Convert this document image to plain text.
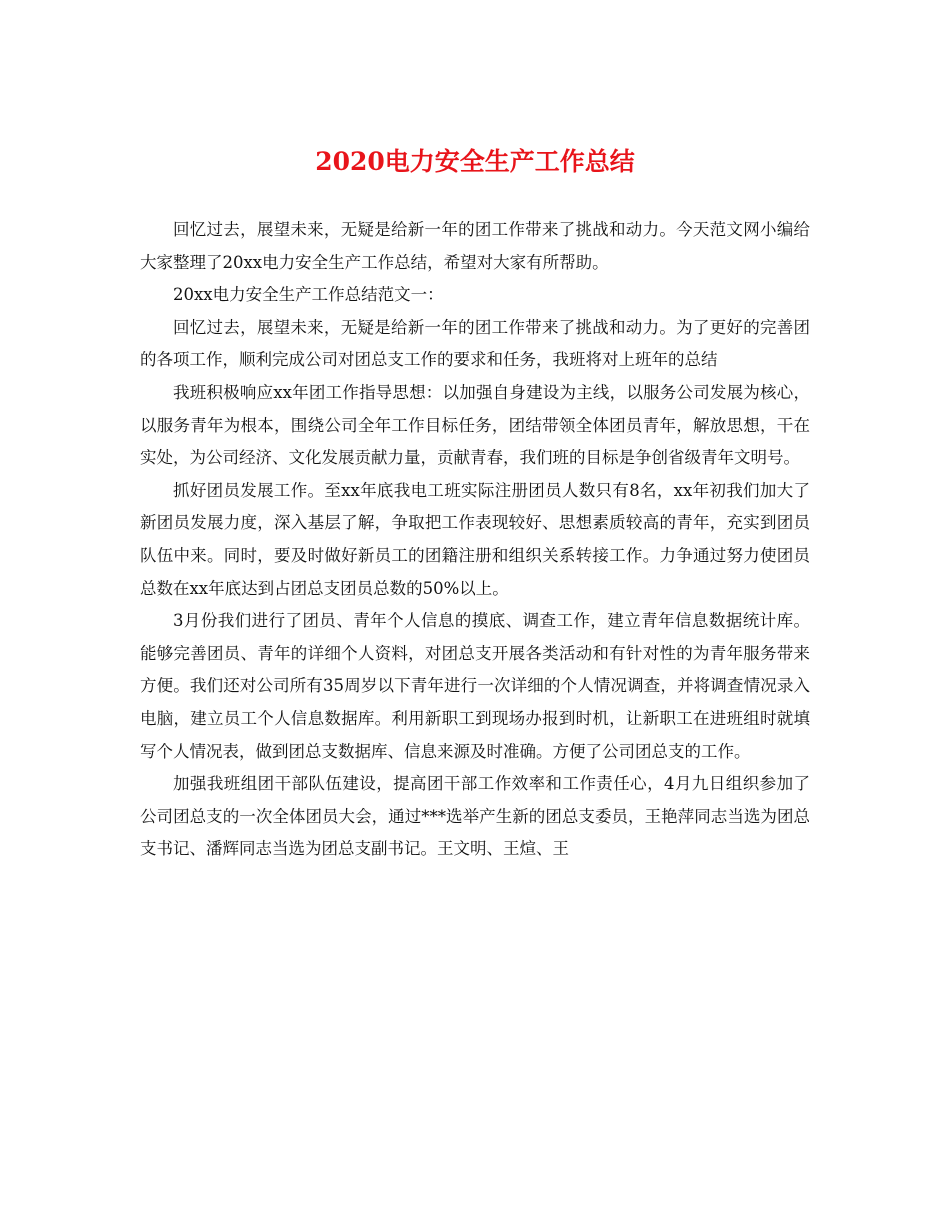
2020电力安全生产工作总结

回忆过去，展望未来，无疑是给新一年的团工作带来了挑战和动力。今天范文网小编给大家整理了20xx电力安全生产工作总结，希望对大家有所帮助。

20xx电力安全生产工作总结范文一：

回忆过去，展望未来，无疑是给新一年的团工作带来了挑战和动力。为了更好的完善团的各项工作，顺利完成公司对团总支工作的要求和任务，我班将对上班年的总结

我班积极响应xx年团工作指导思想：以加强自身建设为主线，以服务公司发展为核心，以服务青年为根本，围绕公司全年工作目标任务，团结带领全体团员青年，解放思想，干在实处，为公司经济、文化发展贡献力量，贡献青春，我们班的目标是争创省级青年文明号。

抓好团员发展工作。至xx年底我电工班实际注册团员人数只有8名，xx年初我们加大了新团员发展力度，深入基层了解，争取把工作表现较好、思想素质较高的青年，充实到团员队伍中来。同时，要及时做好新员工的团籍注册和组织关系转接工作。力争通过努力使团员总数在xx年底达到占团总支团员总数的50%以上。

3月份我们进行了团员、青年个人信息的摸底、调查工作，建立青年信息数据统计库。能够完善团员、青年的详细个人资料，对团总支开展各类活动和有针对性的为青年服务带来方便。我们还对公司所有35周岁以下青年进行一次详细的个人情况调查，并将调查情况录入电脑，建立员工个人信息数据库。利用新职工到现场办报到时机，让新职工在进班组时就填写个人情况表，做到团总支数据库、信息来源及时准确。方便了公司团总支的工作。

加强我班组团干部队伍建设，提高团干部工作效率和工作责任心，4月九日组织参加了公司团总支的一次全体团员大会，通过***选举产生新的团总支委员，王艳萍同志当选为团总支书记、潘辉同志当选为团总支副书记。王文明、王煊、王
